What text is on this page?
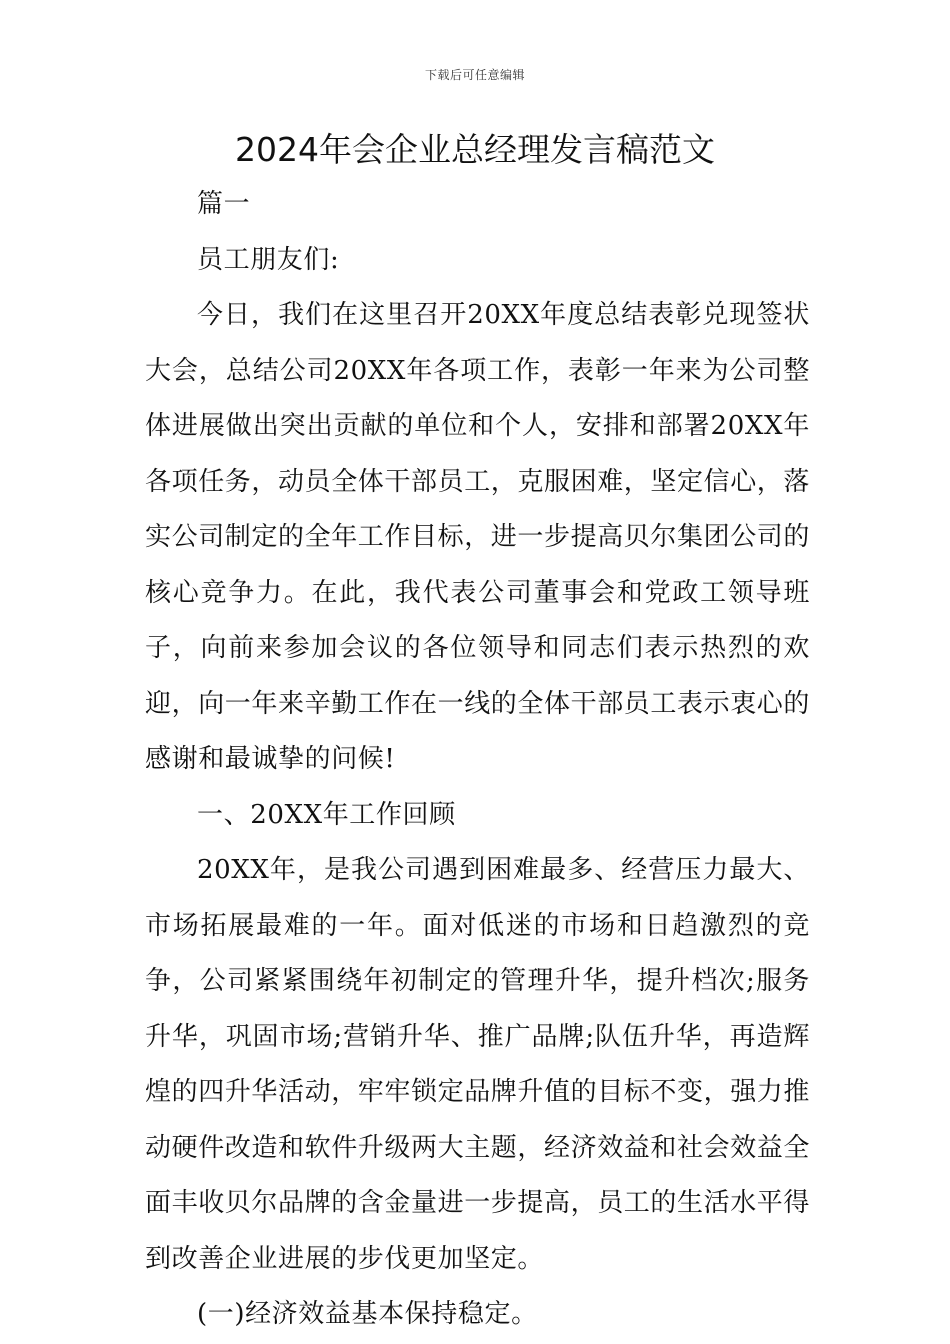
下载后可任意编辑
2024年会企业总经理发言稿范文

篇一

员工朋友们:

今日，我们在这里召开20XX年度总结表彰兑现签状大会，总结公司20XX年各项工作，表彰一年来为公司整体进展做出突出贡献的单位和个人，安排和部署20XX年各项任务，动员全体干部员工，克服困难，坚定信心，落实公司制定的全年工作目标，进一步提高贝尔集团公司的核心竞争力。在此，我代表公司董事会和党政工领导班子，向前来参加会议的各位领导和同志们表示热烈的欢迎，向一年来辛勤工作在一线的全体干部员工表示衷心的感谢和最诚挚的问候!

一、20XX年工作回顾

20XX年，是我公司遇到困难最多、经营压力最大、市场拓展最难的一年。面对低迷的市场和日趋激烈的竞争，公司紧紧围绕年初制定的管理升华，提升档次;服务升华，巩固市场;营销升华、推广品牌;队伍升华，再造辉煌的四升华活动，牢牢锁定品牌升值的目标不变，强力推动硬件改造和软件升级两大主题，经济效益和社会效益全面丰收贝尔品牌的含金量进一步提高，员工的生活水平得到改善企业进展的步伐更加坚定。

(一)经济效益基本保持稳定。
